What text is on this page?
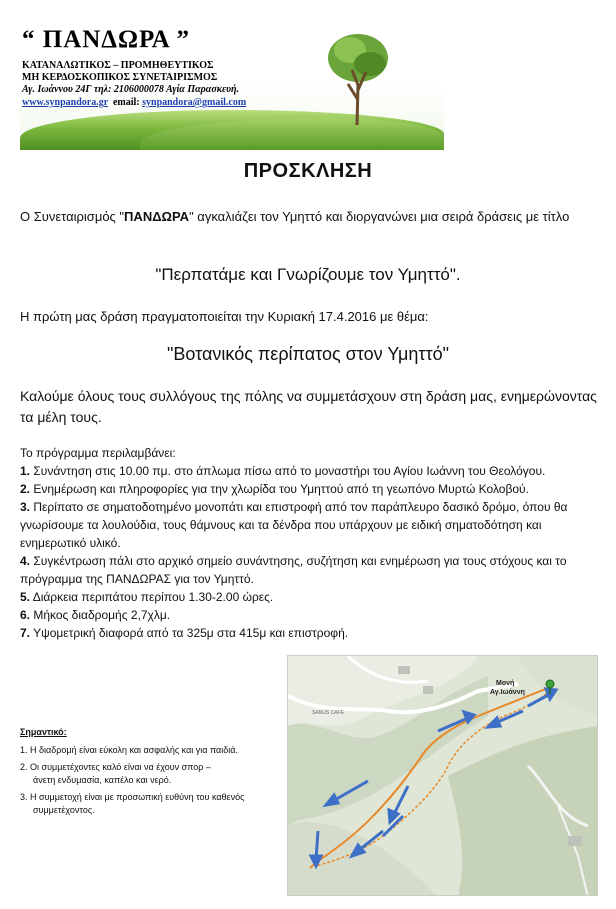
“ ΠΑΝΔΩΡΑ ”
ΚΑΤΑΝΑΛΩΤΙΚΟΣ – ΠΡΟΜΗΘΕΥΤΙΚΟΣ
ΜΗ ΚΕΡΔΟΣΚΟΠΙΚΟΣ ΣΥΝΕΤΑΙΡΙΣΜΟΣ
Αγ. Ιωάννου 24Γ τηλ: 2106000078 Αγία Παρασκευή.
www.synpandora.gr email: synpandora@gmail.com
ΠΡΟΣΚΛΗΣΗ
Ο Συνεταιρισμός "ΠΑΝΔΩΡΑ" αγκαλιάζει τον Υμηττό και διοργανώνει μια σειρά δράσεις με τίτλο
"Περπατάμε και Γνωρίζουμε τον Υμηττό".
Η πρώτη μας δράση πραγματοποιείται την Κυριακή 17.4.2016 με θέμα:
"Βοτανικός περίπατος στον Υμηττό"
Καλούμε όλους τους συλλόγους της πόλης να συμμετάσχουν στη δράση μας, ενημερώνοντας τα μέλη τους.
Το πρόγραμμα περιλαμβάνει:
1. Συνάντηση στις 10.00 πμ. στο άπλωμα πίσω από το μοναστήρι του Αγίου Ιωάννη του Θεολόγου.
2. Ενημέρωση και πληροφορίες για την χλωρίδα του Υμηττού από τη γεωπόνο Μυρτώ Κολοβού.
3. Περίπατο σε σηματοδοτημένο μονοπάτι και επιστροφή από τον παράπλευρο δασικό δρόμο, όπου θα γνωρίσουμε τα λουλούδια, τους θάμνους και τα δένδρα που υπάρχουν με ειδική σηματοδότηση και ενημερωτικό υλικό.
4. Συγκέντρωση πάλι στο αρχικό σημείο συνάντησης, συζήτηση και ενημέρωση για τους στόχους και το πρόγραμμα της ΠΑΝΔΩΡΑΣ για τον Υμηττό.
5. Διάρκεια περιπάτου περίπου 1.30-2.00 ώρες.
6. Μήκος διαδρομής 2,7χλμ.
7. Υψομετρική διαφορά από τα 325μ στα 415μ και επιστροφή.
Σημαντικό:
1. Η διαδρομή είναι εύκολη και ασφαλής και για παιδιά.
2. Οι συμμετέχοντες καλό είναι να έχουν σπορ –
άνετη ενδυμασία, καπέλο και νερό.
3. Η συμμετοχή είναι με προσωπική ευθύνη του καθενός
συμμετέχοντος.
Μονή
Αγ.Ιωάννη
SANUS CAFE
